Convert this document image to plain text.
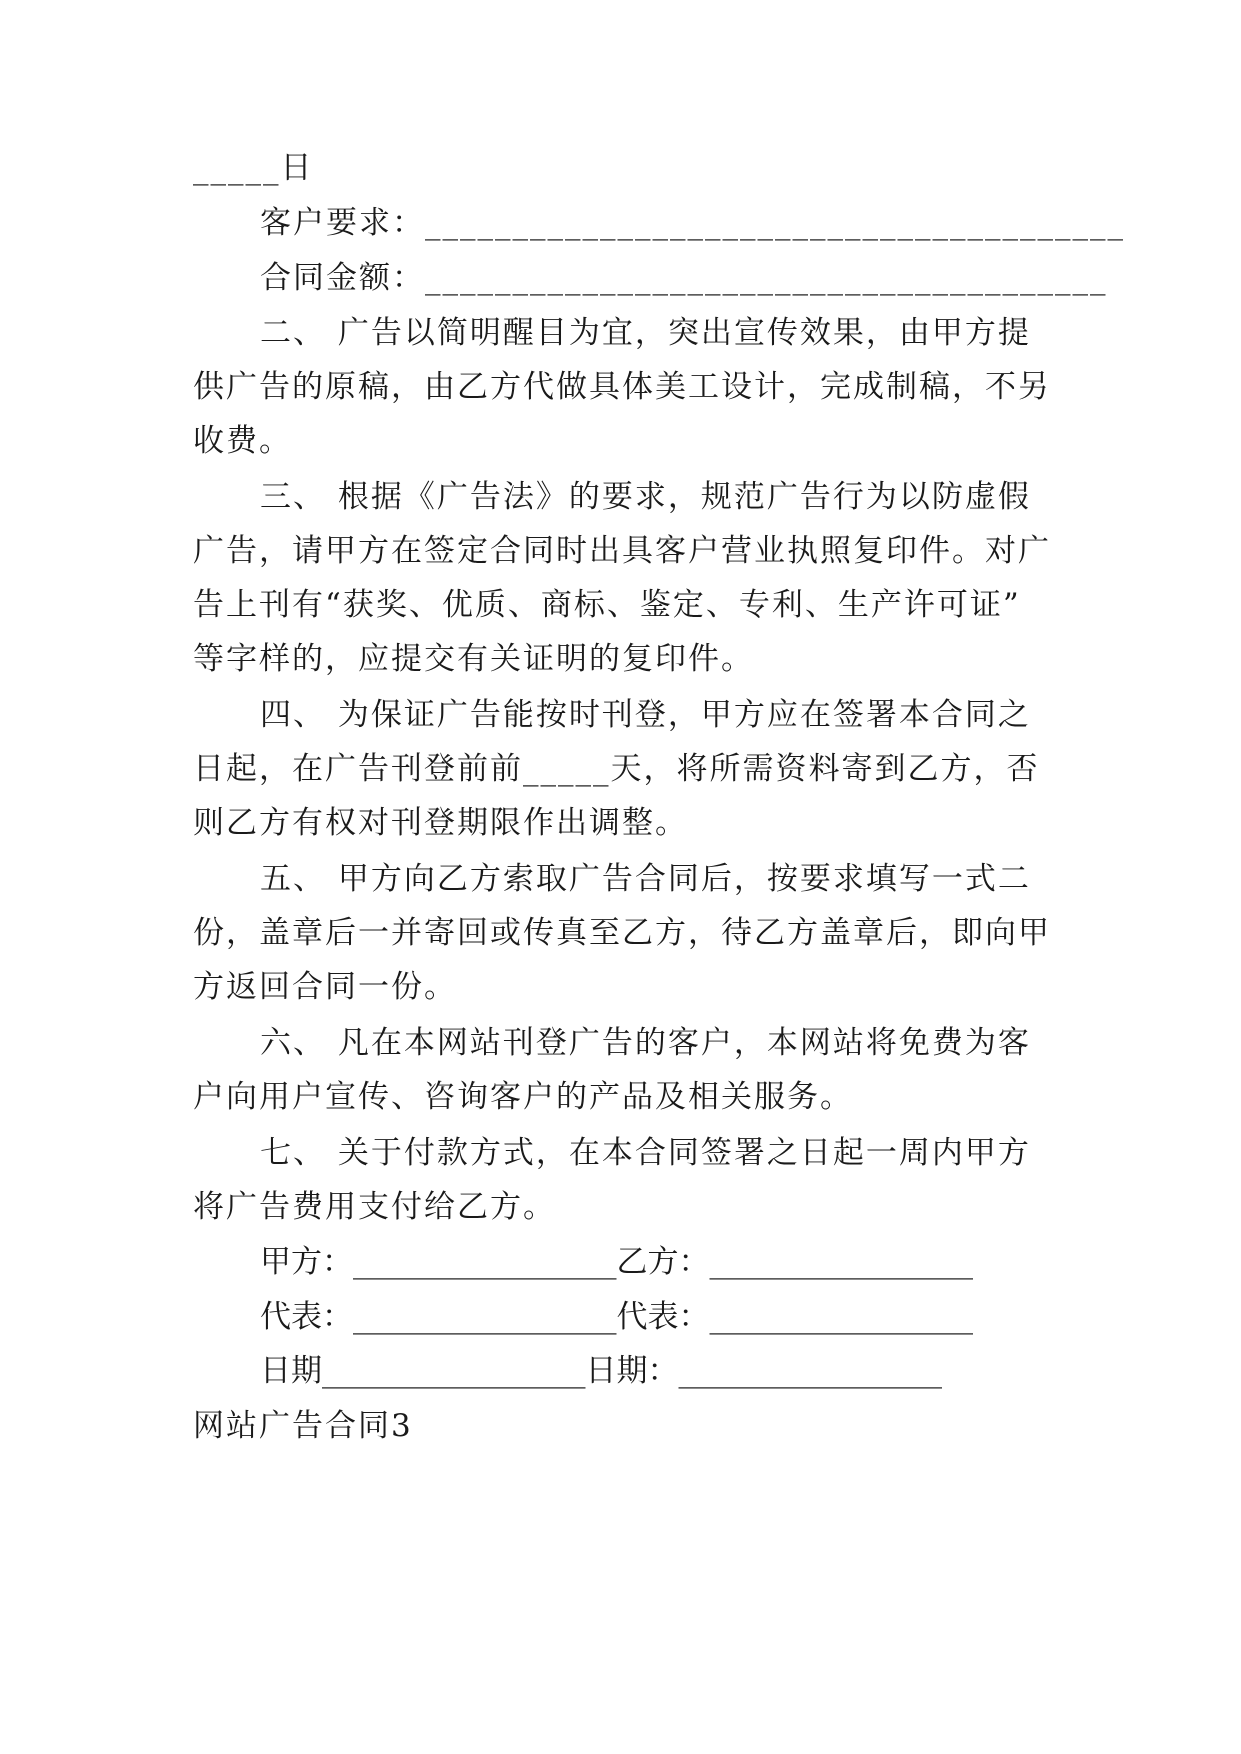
_____日
客户要求：________________________________________
合同金额：_______________________________________
二、 广告以简明醒目为宜，突出宣传效果，由甲方提
供广告的原稿，由乙方代做具体美工设计，完成制稿，不另
收费。
三、 根据《广告法》的要求，规范广告行为以防虚假
广告，请甲方在签定合同时出具客户营业执照复印件。对广
告上刊有“获奖、优质、商标、鉴定、专利、生产许可证”
等字样的，应提交有关证明的复印件。
四、 为保证广告能按时刊登，甲方应在签署本合同之
日起，在广告刊登前前_____天，将所需资料寄到乙方，否
则乙方有权对刊登期限作出调整。
五、 甲方向乙方索取广告合同后，按要求填写一式二
份，盖章后一并寄回或传真至乙方，待乙方盖章后，即向甲
方返回合同一份。
六、 凡在本网站刊登广告的客户，本网站将免费为客
户向用户宣传、咨询客户的产品及相关服务。
七、 关于付款方式，在本合同签署之日起一周内甲方
将广告费用支付给乙方。
甲方：_________________乙方：_________________
代表：_________________代表：_________________
日期_________________日期：_________________
网站广告合同3
